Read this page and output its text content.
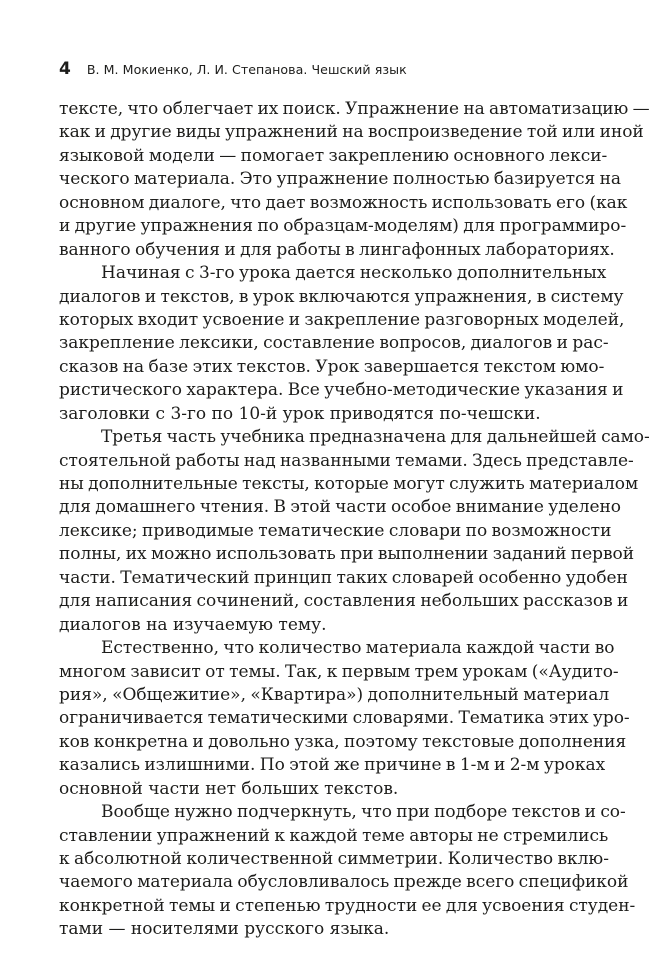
4 В. М. Мокиенко, Л. И. Степанова. Чешский язык
тексте, что облегчает их поиск. Упражнение на автоматизацию —
как и другие виды упражнений на воспроизведение той или иной
языковой модели — помогает закреплению основного лекси-
ческого материала. Это упражнение полностью базируется на
основном диалоге, что дает возможность использовать его (как
и другие упражнения по образцам-моделям) для программиро-
ванного обучения и для работы в лингафонных лабораториях.
Начиная с 3-го урока дается несколько дополнительных
диалогов и текстов, в урок включаются упражнения, в систему
которых входит усвоение и закрепление разговорных моделей,
закрепление лексики, составление вопросов, диалогов и рас-
сказов на базе этих текстов. Урок завершается текстом юмо-
ристического характера. Все учебно-методические указания и
заголовки с 3-го по 10-й урок приводятся по-чешски.
Третья часть учебника предназначена для дальнейшей само-
стоятельной работы над названными темами. Здесь представле-
ны дополнительные тексты, которые могут служить материалом
для домашнего чтения. В этой части особое внимание уделено
лексике; приводимые тематические словари по возможности
полны, их можно использовать при выполнении заданий первой
части. Тематический принцип таких словарей особенно удобен
для написания сочинений, составления небольших рассказов и
диалогов на изучаемую тему.
Естественно, что количество материала каждой части во
многом зависит от темы. Так, к первым трем урокам («Аудито-
рия», «Общежитие», «Квартира») дополнительный материал
ограничивается тематическими словарями. Тематика этих уро-
ков конкретна и довольно узка, поэтому текстовые дополнения
казались излишними. По этой же причине в 1-м и 2-м уроках
основной части нет больших текстов.
Вообще нужно подчеркнуть, что при подборе текстов и со-
ставлении упражнений к каждой теме авторы не стремились
к абсолютной количественной симметрии. Количество вклю-
чаемого материала обусловливалось прежде всего спецификой
конкретной темы и степенью трудности ее для усвоения студен-
тами — носителями русского языка.
